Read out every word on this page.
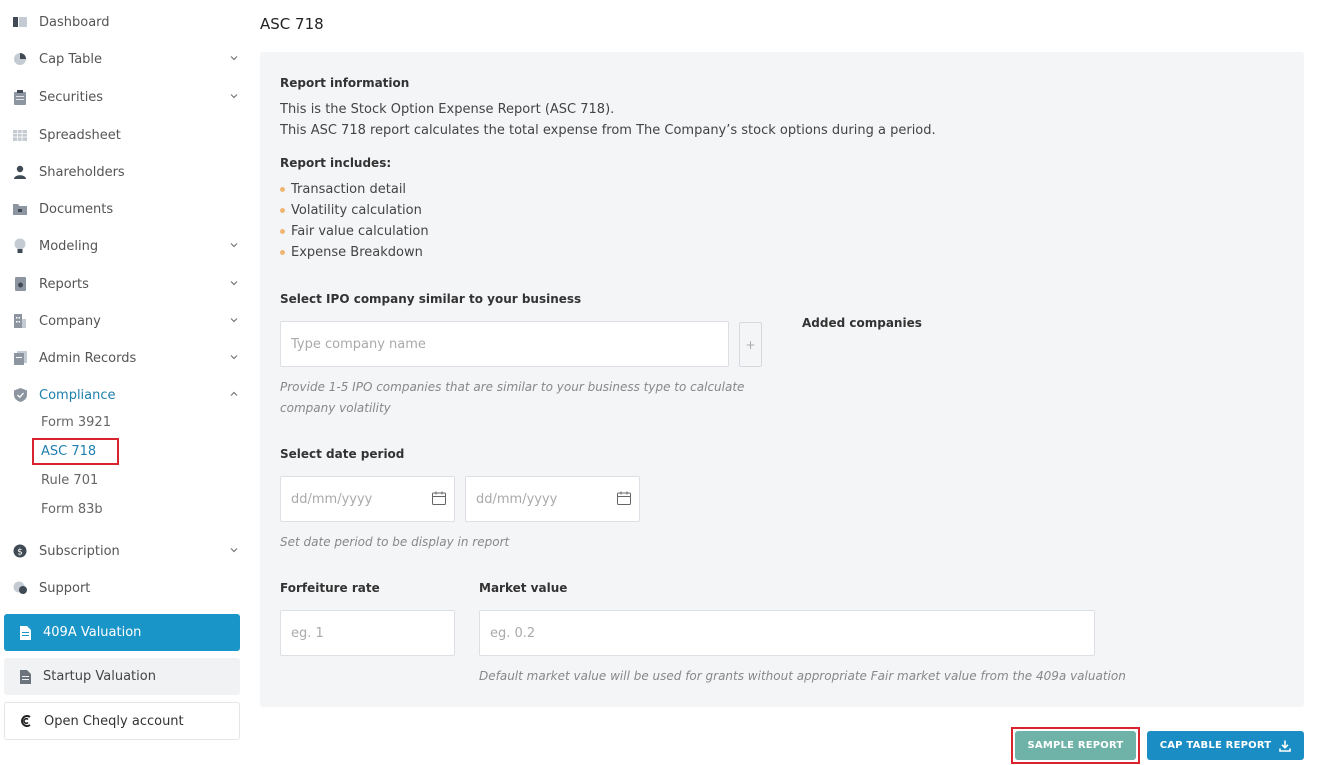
Dashboard
Cap Table
Securities
Spreadsheet
Shareholders
Documents
Modeling
Reports
Company
Admin Records
Compliance
Form 3921
ASC 718
Rule 701
Form 83b
$ Subscription
Support
409A Valuation
Startup Valuation
Open Cheqly account
ASC 718
Report information
This is the Stock Option Expense Report (ASC 718).
This ASC 718 report calculates the total expense from The Company’s stock options during a period.
Report includes:
Transaction detail
Volatility calculation
Fair value calculation
Expense Breakdown
Select IPO company similar to your business
Type company name	+
Added companies
Provide 1-5 IPO companies that are similar to your business type to calculate
company volatility
Select date period
dd/mm/yyyy	dd/mm/yyyy
Set date period to be display in report
Forfeiture rate
eg. 1
Market value
eg. 0.2
Default market value will be used for grants without appropriate Fair market value from the 409a valuation
SAMPLE REPORT	CAP TABLE REPORT
